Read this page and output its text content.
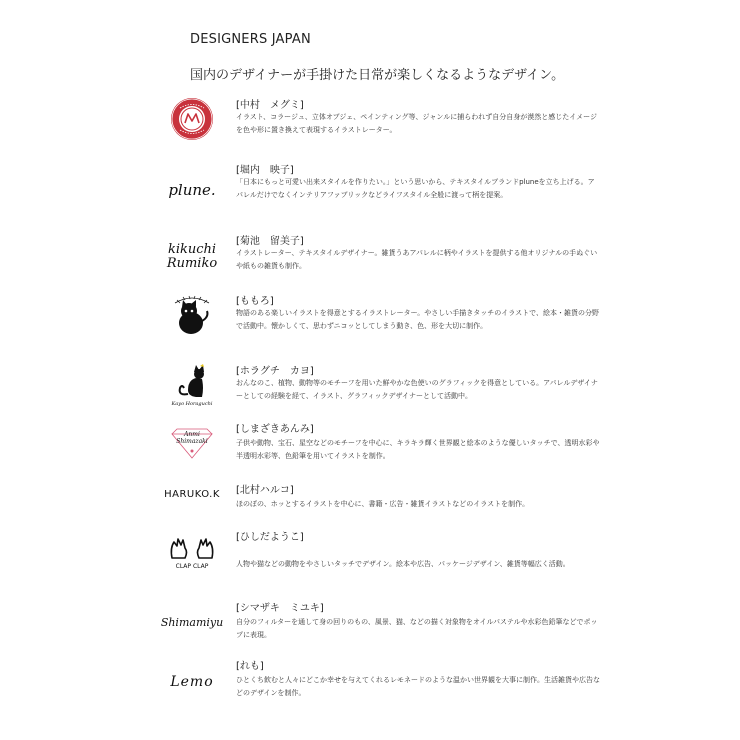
DESIGNERS JAPAN
国内のデザイナーが手掛けた日常が楽しくなるようなデザイン。
[中村　メグミ]
イラスト、コラージュ、立体オブジェ、ペインティング等、ジャンルに捕らわれず自分自身が漠然と感じたイメージを色や形に置き換えて表現するイラストレーター。
plune.
[堀内　映子]
「日本にもっと可愛い出来スタイルを作りたい。」という思いから、テキスタイルブランドpluneを立ち上げる。アパレルだけでなくインテリアファブリックなどライフスタイル全般に渡って柄を提案。
kikuchi
Rumiko
[菊池　留美子]
イラストレーター、テキスタイルデザイナー。雑貨うあアパレルに柄やイラストを提供する他オリジナルの手ぬぐいや紙もの雑貨も制作。
[ももろ]
物語のある楽しいイラストを得意とするイラストレーター。やさしい手描きタッチのイラストで、絵本・雑貨の分野で活動中。懐かしくて、思わずニコッとしてしまう動き、色、形を大切に制作。
Kayo Horaguchi
[ホラグチ　カヨ]
おんなのこ、植物、動物等のモチーフを用いた鮮やかな色使いのグラフィックを得意としている。アパレルデザイナーとしての経験を経て、イラスト、グラフィックデザイナーとして活動中。
Anmi
Shimazaki
[しまざきあんみ]
子供や動物、宝石、星空などのモチーフを中心に、キラキラ輝く世界観と絵本のような優しいタッチで、透明水彩や半透明水彩等、色鉛筆を用いてイラストを制作。
HARUKO.K [北村ハルコ]
ほのぼの、ホッとするイラストを中心に、書籍・広告・雑貨イラストなどのイラストを制作。
CLAP CLAP
[ひしだようこ]
人物や猫などの動物をやさしいタッチでデザイン。絵本や広告、パッケージデザイン、雑貨等幅広く活動。
Shimamiyu
[シマザキ　ミユキ]
自分のフィルターを通して身の回りのもの、風景、猫、などの描く対象物をオイルパステルや水彩色鉛筆などでポップに表現。
Lemo
[れも]
ひとくち飲むと人々にどこか幸せを与えてくれるレモネードのような温かい世界観を大事に制作。生活雑貨や広告などのデザインを制作。
